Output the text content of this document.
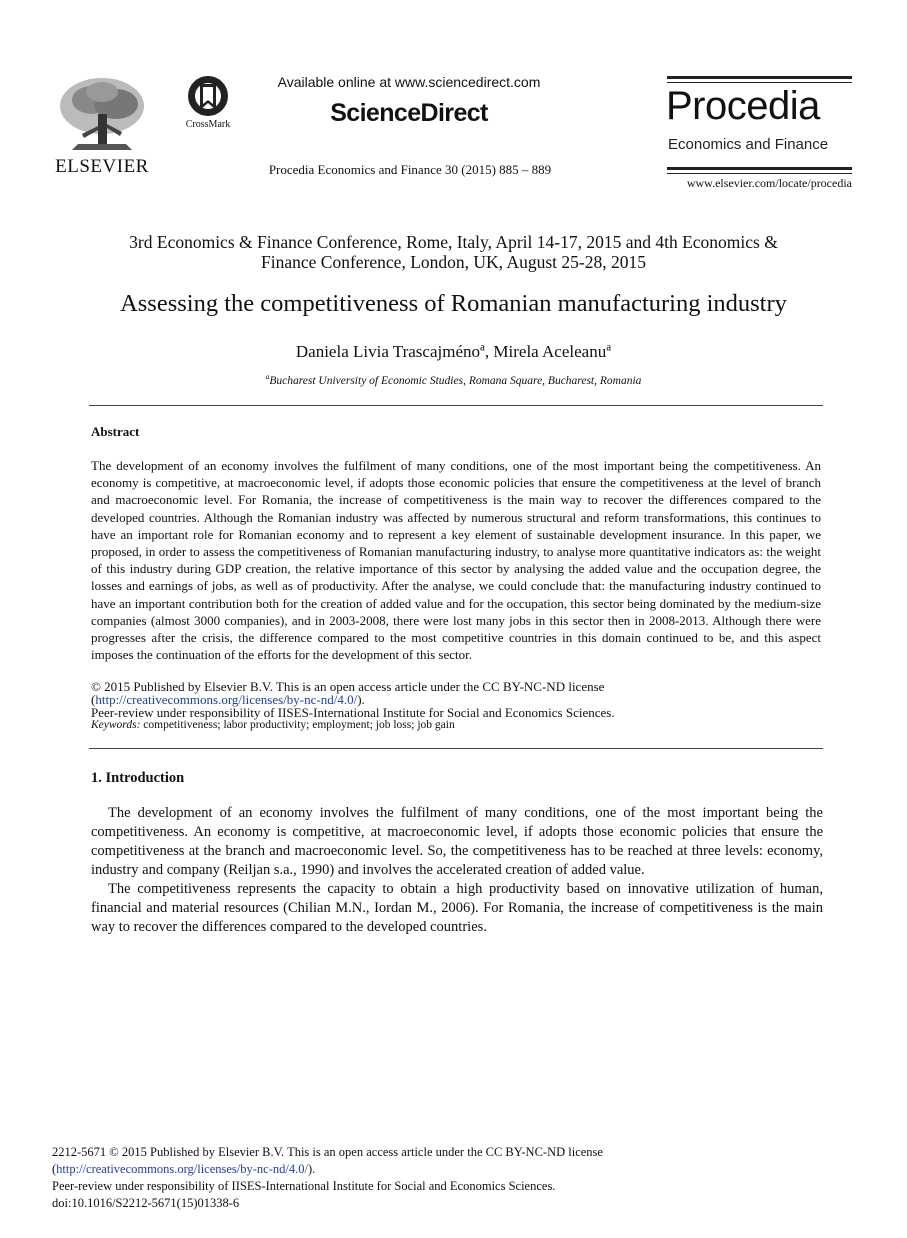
ELSEVIER
CrossMark
Available online at www.sciencedirect.com
ScienceDirect
Procedia Economics and Finance 30 (2015) 885 – 889
Procedia
Economics and Finance
www.elsevier.com/locate/procedia
3rd Economics & Finance Conference, Rome, Italy, April 14-17, 2015 and 4th Economics &
Finance Conference, London, UK, August 25-28, 2015
Assessing the competitiveness of Romanian manufacturing industry
Daniela Livia Trascajméno$^a$, Mirela Aceleanu$^a$
$^a$Bucharest University of Economic Studies, Romana Square, Bucharest, Romania
Abstract
The development of an economy involves the fulfilment of many conditions, one of the most important being the competitiveness. An economy is competitive, at macroeconomic level, if adopts those economic policies that ensure the competitiveness at the level of branch and macroeconomic level. For Romania, the increase of competitiveness is the main way to recover the differences compared to the developed countries. Although the Romanian industry was affected by numerous structural and reform transformations, this continues to have an important role for Romanian economy and to represent a key element of sustainable development insurance. In this paper, we proposed, in order to assess the competitiveness of Romanian manufacturing industry, to analyse more quantitative indicators as: the weight of this industry during GDP creation, the relative importance of this sector by analysing the added value and the occupation degree, the losses and earnings of jobs, as well as of productivity. After the analyse, we could conclude that: the manufacturing industry continued to have an important contribution both for the creation of added value and for the occupation, this sector being dominated by the medium-size companies (almost 3000 companies), and in 2003-2008, there were lost many jobs in this sector then in 2008-2013. Although there were progresses after the crisis, the difference compared to the most competitive countries in this domain continued to be, and this aspect imposes the continuation of the efforts for the development of this sector.
© 2015 Published by Elsevier B.V. This is an open access article under the CC BY-NC-ND license
(http://creativecommons.org/licenses/by-nc-nd/4.0/).
Peer-review under responsibility of IISES-International Institute for Social and Economics Sciences.
Keywords: competitiveness; labor productivity; employment; job loss; job gain
1. Introduction

The development of an economy involves the fulfilment of many conditions, one of the most important being the competitiveness. An economy is competitive, at macroeconomic level, if adopts those economic policies that ensure the competitiveness at the branch and macroeconomic level. So, the competitiveness has to be reached at three levels: economy, industry and company (Reiljan s.a., 1990) and involves the accelerated creation of added value.

The competitiveness represents the capacity to obtain a high productivity based on innovative utilization of human, financial and material resources (Chilian M.N., Iordan M., 2006). For Romania, the increase of competitiveness is the main way to recover the differences compared to the developed countries.

2212-5671 © 2015 Published by Elsevier B.V. This is an open access article under the CC BY-NC-ND license
(http://creativecommons.org/licenses/by-nc-nd/4.0/).
Peer-review under responsibility of IISES-International Institute for Social and Economics Sciences.
doi:10.1016/S2212-5671(15)01338-6
